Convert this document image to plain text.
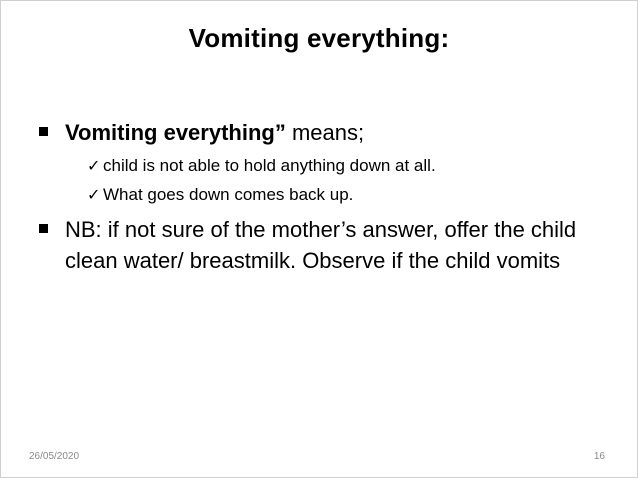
Vomiting everything:
Vomiting everything” means;
✓ child is not able to hold anything down at all.
✓ What goes down comes back up.
NB: if not sure of the mother’s answer, offer the child clean water/ breastmilk. Observe if the child vomits
26/05/2020	16
